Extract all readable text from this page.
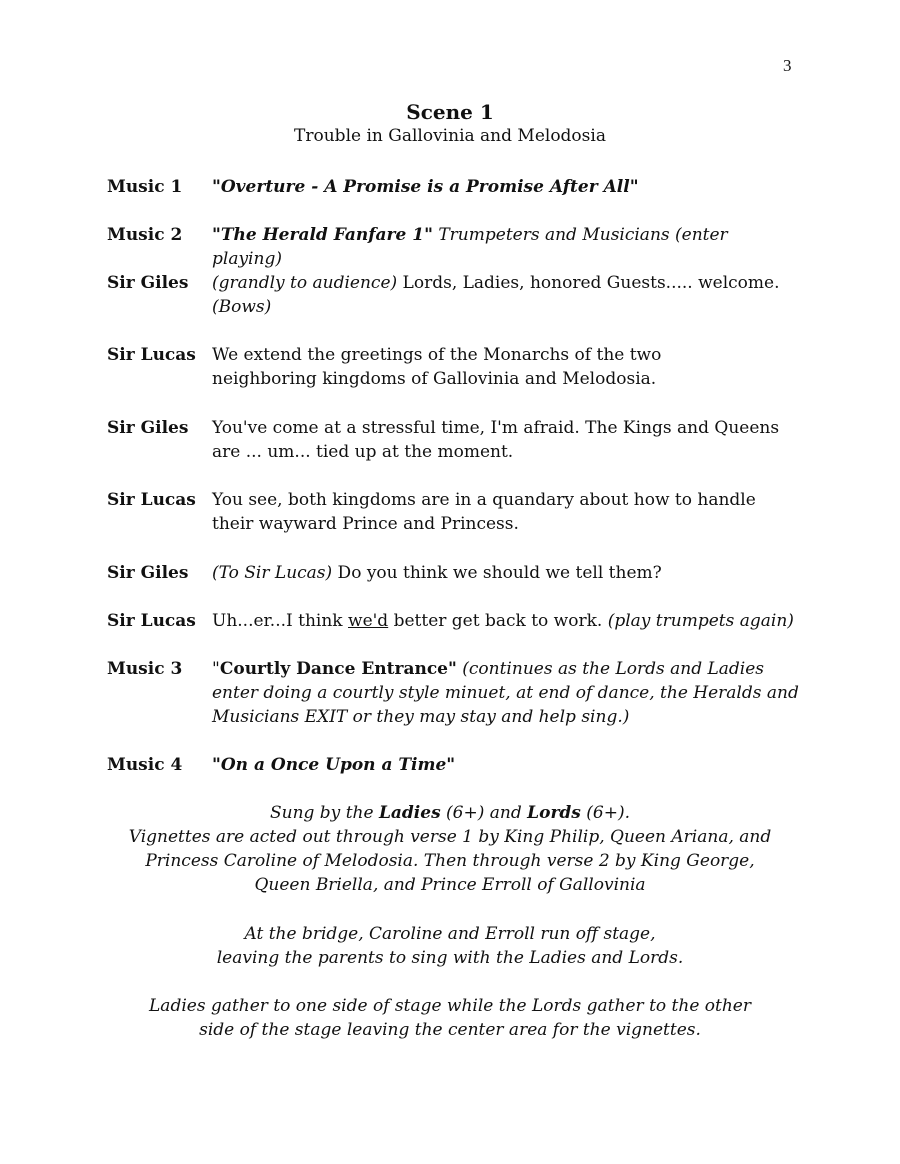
3
Scene 1
Trouble in Gallovinia and Melodosia
Music 1 "Overture - A Promise is a Promise After All"
Music 2 "The Herald Fanfare 1" Trumpeters and Musicians (enter playing)
Sir Giles (grandly to audience) Lords, Ladies, honored Guests..... welcome.
(Bows)
Sir Lucas We extend the greetings of the Monarchs of the two neighboring kingdoms of Gallovinia and Melodosia.
Sir Giles You've come at a stressful time, I'm afraid. The Kings and Queens are ... um... tied up at the moment.
Sir Lucas You see, both kingdoms are in a quandary about how to handle their wayward Prince and Princess.
Sir Giles (To Sir Lucas) Do you think we should we tell them?
Sir Lucas Uh...er...I think we'd better get back to work. (play trumpets again)
Music 3 "Courtly Dance Entrance" (continues as the Lords and Ladies enter doing a courtly style minuet, at end of dance, the Heralds and Musicians EXIT or they may stay and help sing.)
Music 4 "On a Once Upon a Time"

Sung by the Ladies (6+) and Lords (6+).

Vignettes are acted out through verse 1 by King Philip, Queen Ariana, and

Princess Caroline of Melodosia. Then through verse 2 by King George,

Queen Briella, and Prince Erroll of Gallovinia

At the bridge, Caroline and Erroll run off stage,

leaving the parents to sing with the Ladies and Lords.

Ladies gather to one side of stage while the Lords gather to the other

side of the stage leaving the center area for the vignettes.
